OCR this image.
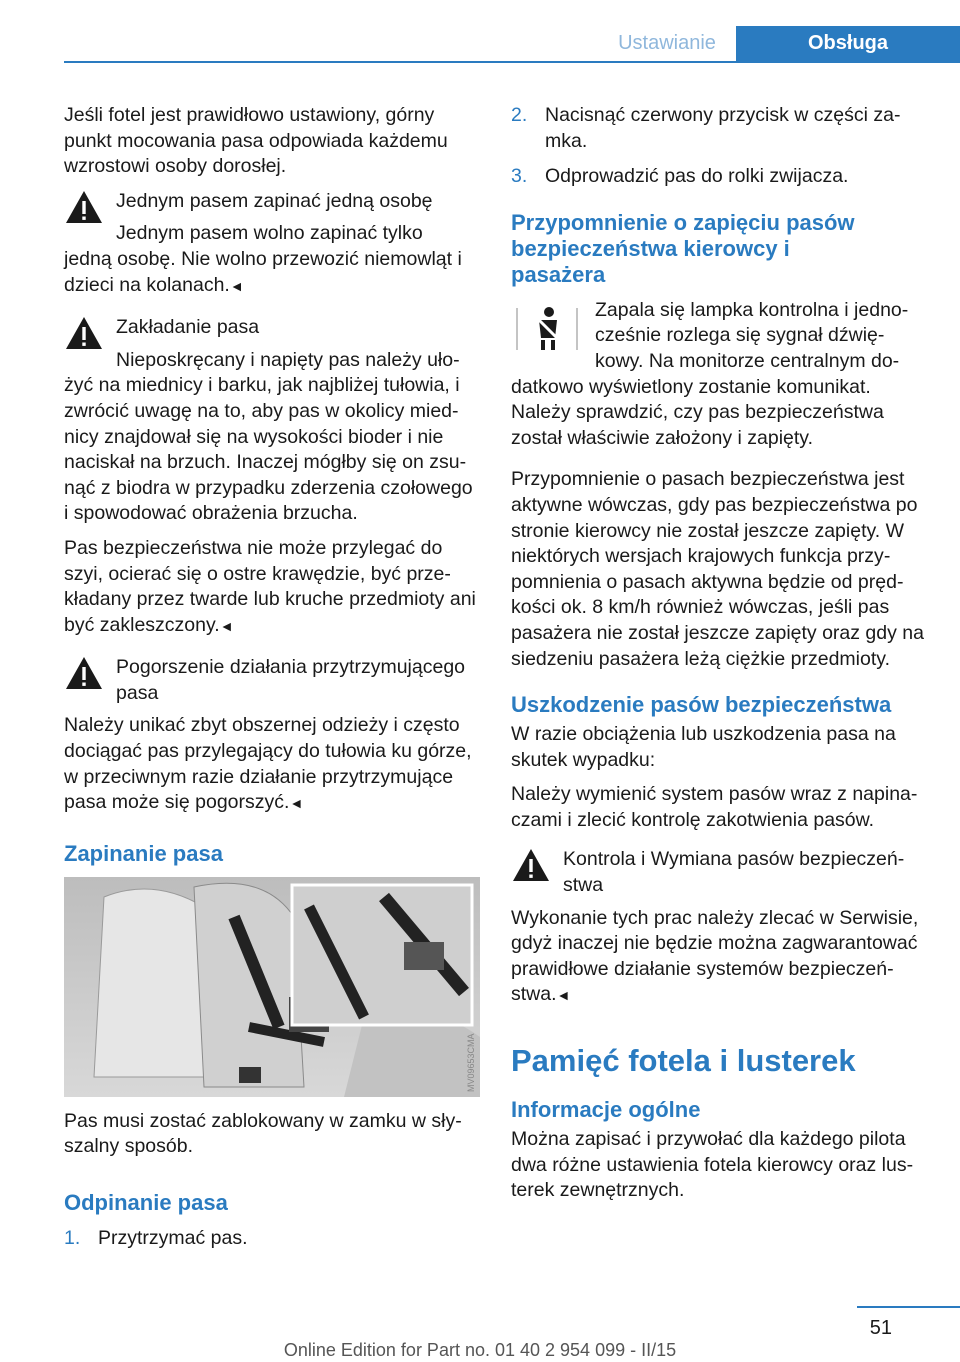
Ustawianie	Obsługa

Jeśli fotel jest prawidłowo ustawiony, górny punkt mocowania pasa odpowiada każdemu wzrostowi osoby dorosłej.

Jednym pasem zapinać jedną osobę

Jednym pasem wolno zapinać tylko
jedną osobę. Nie wolno przewozić niemowląt i dzieci na kolanach.◄

Zakładanie pasa

Nieposkręcany i napięty pas należy uło-
żyć na miednicy i barku, jak najbliżej tułowia, i zwrócić uwagę na to, aby pas w okolicy miednicy znajdował się na wysokości bioder i nie naciskał na brzuch. Inaczej mógłby się on zsunąć z biodra w przypadku zderzenia czołowego i spowodować obrażenia brzucha.

Pas bezpieczeństwa nie może przylegać do szyi, ocierać się o ostre krawędzie, być przekładany przez twarde lub kruche przedmioty ani być zakleszczony.◄

Pogorszenie działania przytrzymującego pasa

Należy unikać zbyt obszernej odzieży i często dociągać pas przylegający do tułowia ku górze, w przeciwnym razie działanie przytrzymujące pasa może się pogorszyć.◄

Zapinanie pasa
MV09653CMA

Pas musi zostać zablokowany w zamku w słyszalny sposób.

Odpinanie pasa
1. Przytrzymać pas.
2. Nacisnąć czerwony przycisk w części zamka.
3. Odprowadzić pas do rolki zwijacza.
Przypomnienie o zapięciu pasów bezpieczeństwa kierowcy i pasażera

Zapala się lampka kontrolna i jedno-
cześnie rozlega się sygnał dźwię-
kowy. Na monitorze centralnym do-
datkowo wyświetlony zostanie komunikat. Należy sprawdzić, czy pas bezpieczeństwa został właściwie założony i zapięty.

Przypomnienie o pasach bezpieczeństwa jest aktywne wówczas, gdy pas bezpieczeństwa po stronie kierowcy nie został jeszcze zapięty. W niektórych wersjach krajowych funkcja przypomnienia o pasach aktywna będzie od prędkości ok. 8 km/h również wówczas, jeśli pas pasażera nie został jeszcze zapięty oraz gdy na siedzeniu pasażera leżą ciężkie przedmioty.

Uszkodzenie pasów bezpieczeństwa

W razie obciążenia lub uszkodzenia pasa na skutek wypadku:

Należy wymienić system pasów wraz z napinaczami i zlecić kontrolę zakotwienia pasów.

Kontrola i Wymiana pasów bezpieczeństwa

Wykonanie tych prac należy zlecać w Serwisie, gdyż inaczej nie będzie można zagwarantować prawidłowe działanie systemów bezpieczeństwa.◄

Pamięć fotela i lusterek
Informacje ogólne

Można zapisać i przywołać dla każdego pilota dwa różne ustawienia fotela kierowcy oraz lusterek zewnętrznych.

51
Online Edition for Part no. 01 40 2 954 099 - II/15
